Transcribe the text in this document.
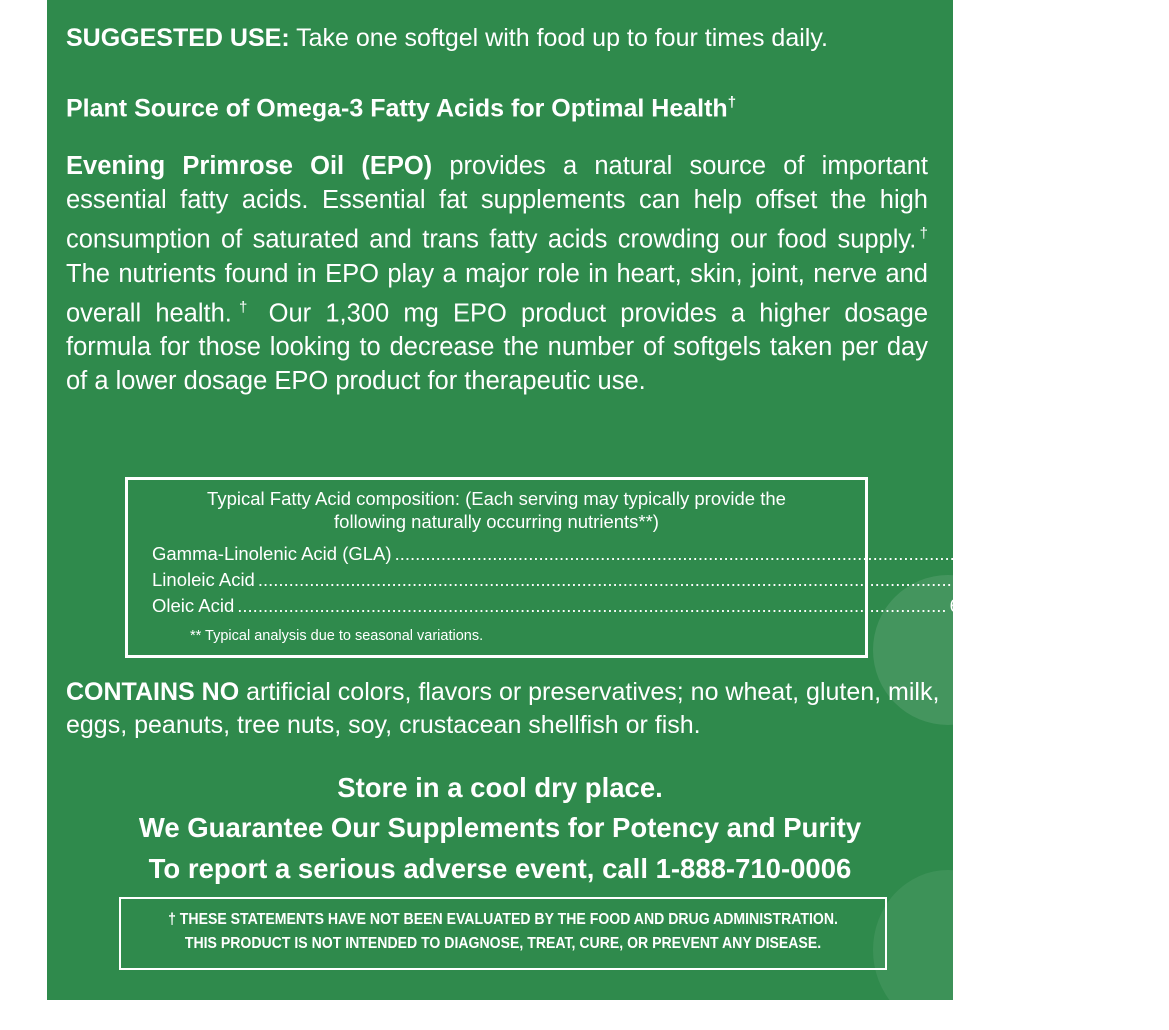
SUGGESTED USE: Take one softgel with food up to four times daily.
Plant Source of Omega-3 Fatty Acids for Optimal Health†

Evening Primrose Oil (EPO) provides a natural source of important essential fatty acids. Essential fat supplements can help offset the high consumption of saturated and trans fatty acids crowding our food supply.† The nutrients found in EPO play a major role in heart, skin, joint, nerve and overall health.† Our 1,300 mg EPO product provides a higher dosage formula for those looking to decrease the number of softgels taken per day of a lower dosage EPO product for therapeutic use.

Typical Fatty Acid composition: (Each serving may typically provide the
following naturally occurring nutrients**)
Gamma-Linolenic Acid (GLA) .......................................................................................................................................... 130 mg
Linoleic Acid .......................................................................................................................................... 884 mg
Oleic Acid .......................................................................................................................................... 65 mg
** Typical analysis due to seasonal variations.
CONTAINS NO artificial colors, flavors or preservatives; no wheat, gluten, milk, eggs, peanuts, tree nuts, soy, crustacean shellfish or fish.
Store in a cool dry place.
We Guarantee Our Supplements for Potency and Purity
To report a serious adverse event, call 1-888-710-0006
† THESE STATEMENTS HAVE NOT BEEN EVALUATED BY THE FOOD AND DRUG ADMINISTRATION.
THIS PRODUCT IS NOT INTENDED TO DIAGNOSE, TREAT, CURE, OR PREVENT ANY DISEASE.
